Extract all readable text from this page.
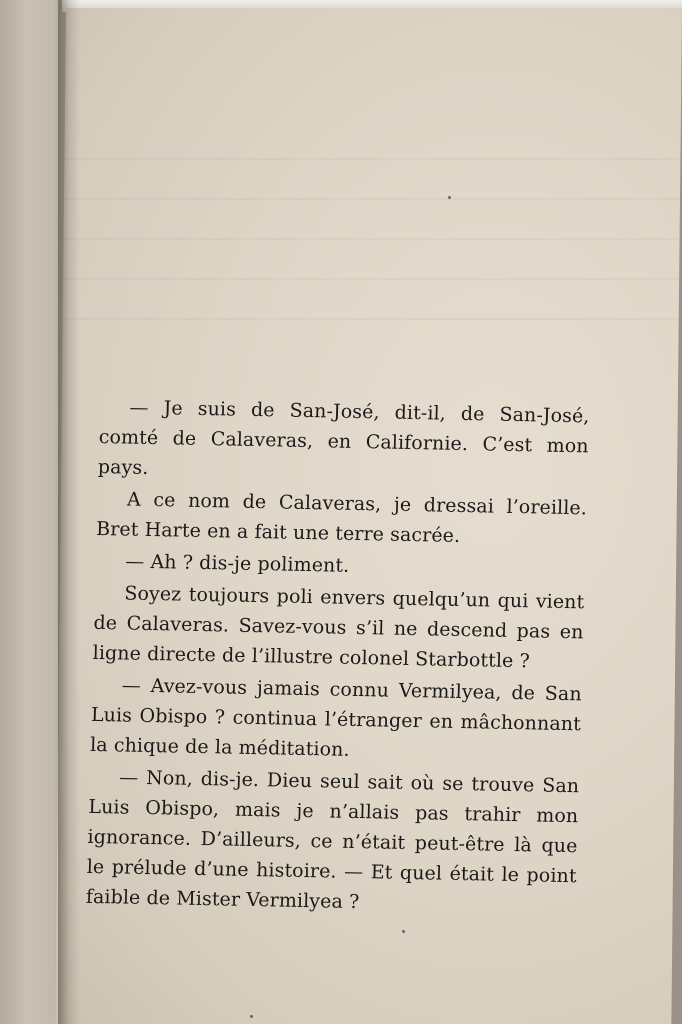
— Je suis de San-José, dit-il, de San-José, comté de Calaveras, en Californie. C’est mon pays.

A ce nom de Calaveras, je dressai l’oreille. Bret Harte en a fait une terre sacrée.

— Ah ? dis-je poliment.

Soyez toujours poli envers quelqu’un qui vient de Calaveras. Savez-vous s’il ne descend pas en ligne directe de l’illustre colonel Starbottle ?

— Avez-vous jamais connu Vermilyea, de San Luis Obispo ? continua l’étranger en mâchonnant la chique de la méditation.

— Non, dis-je. Dieu seul sait où se trouve San Luis Obispo, mais je n’allais pas trahir mon ignorance. D’ailleurs, ce n’était peut-être là que le prélude d’une histoire. — Et quel était le point faible de Mister Vermilyea ?
